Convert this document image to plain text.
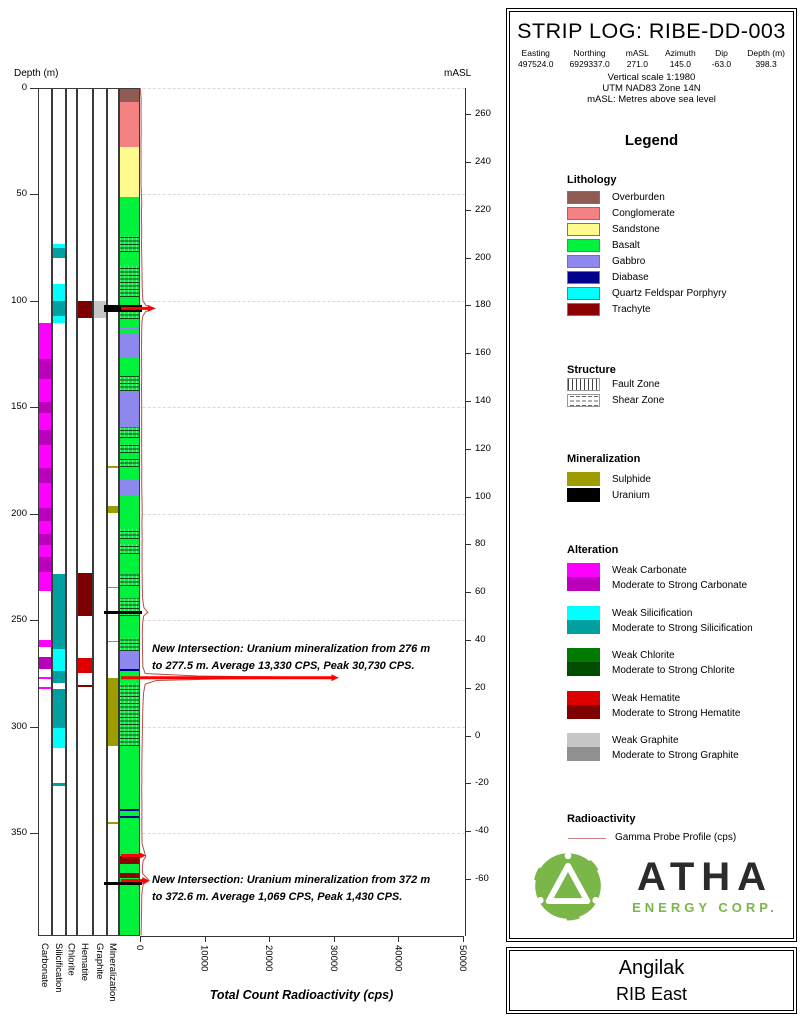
0
50
100
150
200
250
300
350
260
240
220
200
180
160
140
120
100
80
60
40
20
0
-20
-40
-60
0	10000	20000	30000	40000	50000
Carbonate Silicification Chlorite Hematite Graphite Mineralization
New Intersection: Uranium mineralization from 276 m
to 277.5 m. Average 13,330 CPS, Peak 30,730 CPS.
New Intersection: Uranium mineralization from 372 m
to 372.6 m. Average 1,069 CPS, Peak 1,430 CPS.
Depth (m)	mASL
Total Count Radioactivity (cps)
STRIP LOG: RIBE-DD-003
Easting
497524.0
Northing
6929337.0
mASL
271.0
Azimuth
145.0
Dip
-63.0
Depth (m)
398.3
Vertical scale 1:1980
UTM NAD83 Zone 14N
mASL: Metres above sea level
Legend
Lithology
Overburden
Conglomerate
Sandstone
Basalt
Gabbro
Diabase
Quartz Feldspar Porphyry
Trachyte
Structure
Fault Zone
Shear Zone
Mineralization
Sulphide
Uranium
Alteration
Weak Carbonate
Moderate to Strong Carbonate
Weak Silicification
Moderate to Strong Silicification
Weak Chlorite
Moderate to Strong Chlorite
Weak Hematite
Moderate to Strong Hematite
Weak Graphite
Moderate to Strong Graphite
Radioactivity
Gamma Probe Profile (cps)
ATHA
ENERGY CORP.
Angilak
RIB East
